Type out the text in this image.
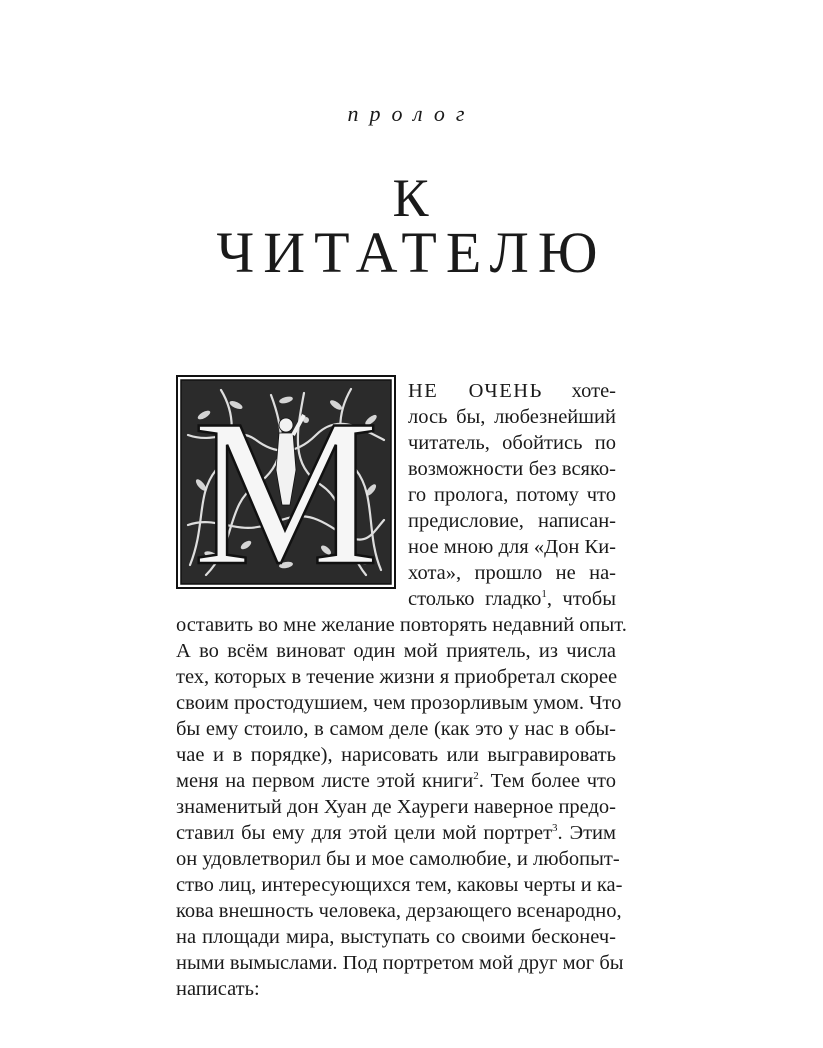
пролог
К
ЧИТАТЕЛЮ
М НЕ ОЧЕНЬ хоте-
лось бы, любезнейший
читатель, обойтись по
возможности без всяко-
го пролога, потому что
предисловие, написан-
ное мною для «Дон Ки-
хота», прошло не на-
столько гладко$^1$, чтобы
оставить во мне желание повторять недавний опыт.
А во всём виноват один мой приятель, из числа
тех, которых в течение жизни я приобретал скорее
своим простодушием, чем прозорливым умом. Что
бы ему стоило, в самом деле (как это у нас в обы-
чае и в порядке), нарисовать или выгравировать
меня на первом листе этой книги$^2$. Тем более что
знаменитый дон Хуан де Хауреги наверное предо-
ставил бы ему для этой цели мой портрет$^3$. Этим
он удовлетворил бы и мое самолюбие, и любопыт-
ство лиц, интересующихся тем, каковы черты и ка-
кова внешность человека, дерзающего всенародно,
на площади мира, выступать со своими бесконеч-
ными вымыслами. Под портретом мой друг мог бы
написать:
